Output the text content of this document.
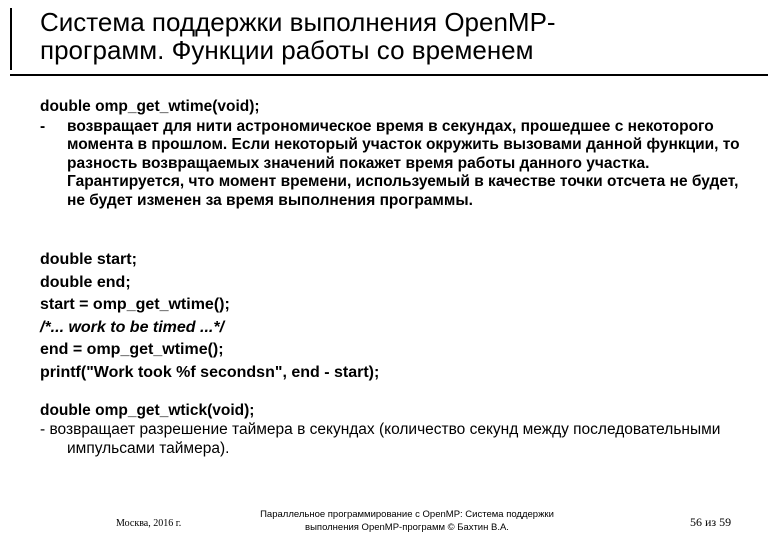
Система поддержки выполнения OpenMP-
программ. Функции работы со временем
double omp_get_wtime(void);
- возвращает для нити астрономическое время в секундах, прошедшее с некоторого момента в прошлом. Если некоторый участок окружить вызовами данной функции, то разность возвращаемых значений покажет время работы данного участка. Гарантируется, что момент времени, используемый в качестве точки отсчета не будет, не будет изменен за время выполнения программы.
double start;
double end;
start = omp_get_wtime();
/*... work to be timed ...*/
end = omp_get_wtime();
printf("Work took %f secondsn", end - start);
double omp_get_wtick(void);
- возвращает разрешение таймера в секундах (количество секунд между последовательными импульсами таймера).
Москва, 2016 г.
Параллельное программирование с OpenMP: Система поддержки
выполнения OpenMP-программ © Бахтин В.А.	56 из 59
